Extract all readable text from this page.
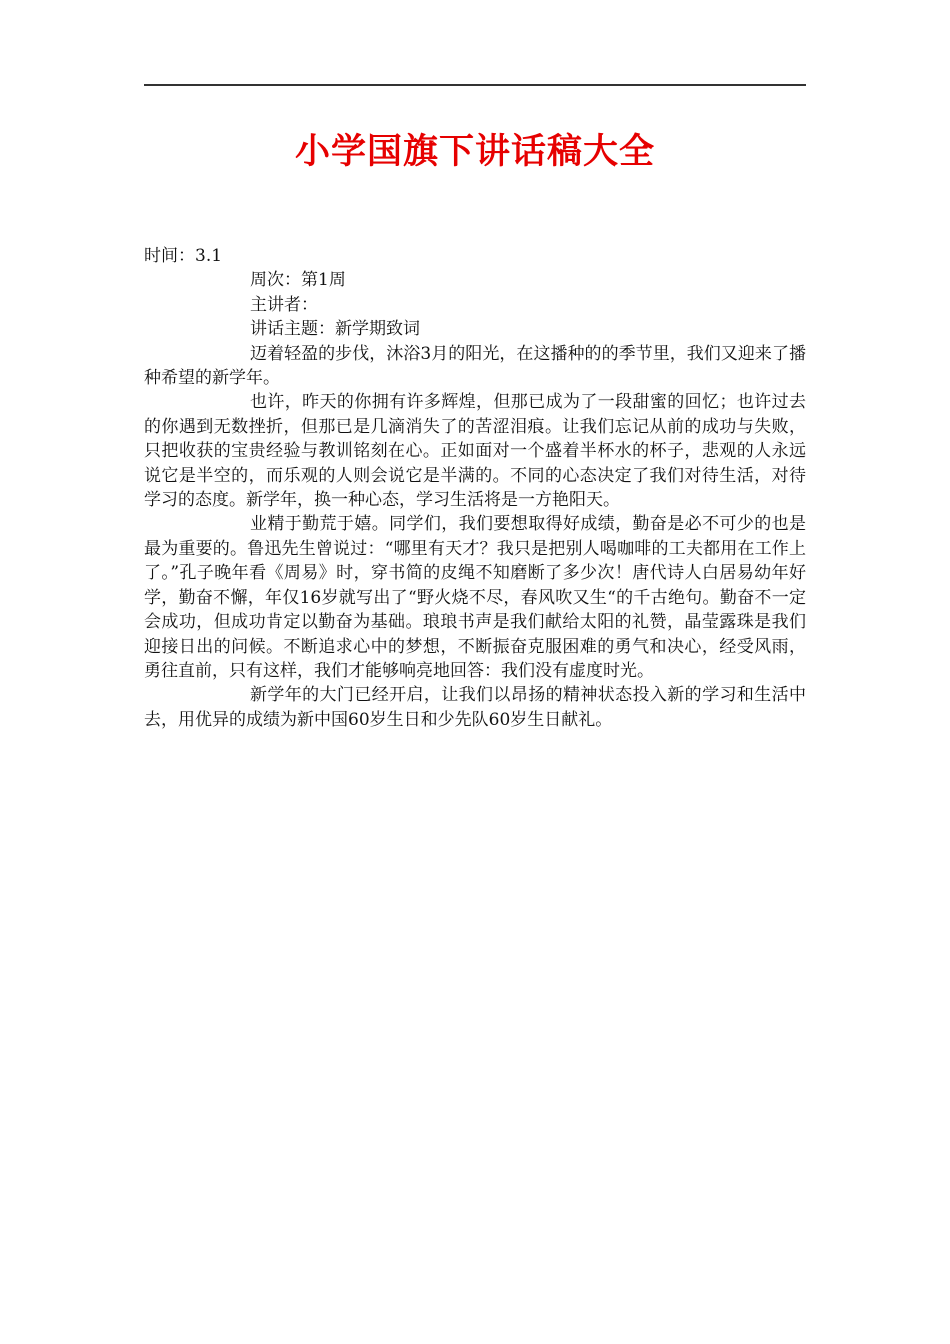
小学国旗下讲话稿大全

时间：3.1

周次：第1周

主讲者：

讲话主题：新学期致词

迈着轻盈的步伐，沐浴3月的阳光，在这播种的的季节里，我们又迎来了播种希望的新学年。

也许，昨天的你拥有许多辉煌，但那已成为了一段甜蜜的回忆；也许过去的你遇到无数挫折，但那已是几滴消失了的苦涩泪痕。让我们忘记从前的成功与失败，只把收获的宝贵经验与教训铭刻在心。正如面对一个盛着半杯水的杯子，悲观的人永远说它是半空的，而乐观的人则会说它是半满的。不同的心态决定了我们对待生活，对待学习的态度。新学年，换一种心态，学习生活将是一方艳阳天。

业精于勤荒于嬉。同学们，我们要想取得好成绩，勤奋是必不可少的也是最为重要的。鲁迅先生曾说过：“哪里有天才？我只是把别人喝咖啡的工夫都用在工作上了。”孔子晚年看《周易》时，穿书简的皮绳不知磨断了多少次！唐代诗人白居易幼年好学，勤奋不懈，年仅16岁就写出了“野火烧不尽，春风吹又生“的千古绝句。勤奋不一定会成功，但成功肯定以勤奋为基础。琅琅书声是我们献给太阳的礼赞，晶莹露珠是我们迎接日出的问候。不断追求心中的梦想，不断振奋克服困难的勇气和决心，经受风雨，勇往直前，只有这样，我们才能够响亮地回答：我们没有虚度时光。

新学年的大门已经开启，让我们以昂扬的精神状态投入新的学习和生活中去，用优异的成绩为新中国60岁生日和少先队60岁生日献礼。
